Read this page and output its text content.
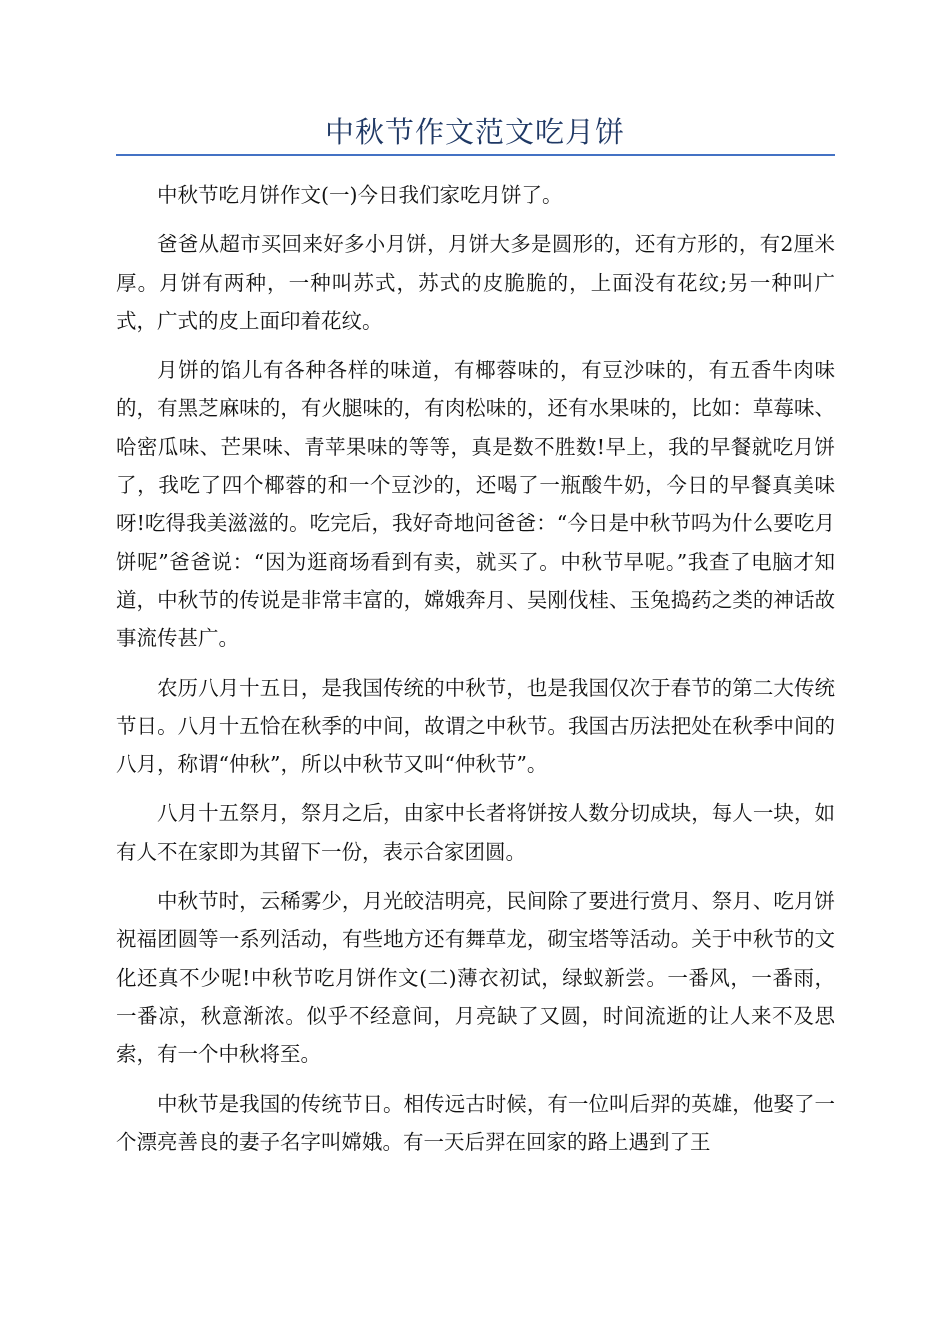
中秋节作文范文吃月饼

中秋节吃月饼作文(一)今日我们家吃月饼了。

爸爸从超市买回来好多小月饼，月饼大多是圆形的，还有方形的，有2厘米厚。月饼有两种，一种叫苏式，苏式的皮脆脆的，上面没有花纹;另一种叫广式，广式的皮上面印着花纹。

月饼的馅儿有各种各样的味道，有椰蓉味的，有豆沙味的，有五香牛肉味的，有黑芝麻味的，有火腿味的，有肉松味的，还有水果味的，比如：草莓味、哈密瓜味、芒果味、青苹果味的等等，真是数不胜数!早上，我的早餐就吃月饼了，我吃了四个椰蓉的和一个豆沙的，还喝了一瓶酸牛奶，今日的早餐真美味呀!吃得我美滋滋的。吃完后，我好奇地问爸爸：“今日是中秋节吗为什么要吃月饼呢”爸爸说：“因为逛商场看到有卖，就买了。中秋节早呢。”我查了电脑才知道，中秋节的传说是非常丰富的，嫦娥奔月、吴刚伐桂、玉兔捣药之类的神话故事流传甚广。

农历八月十五日，是我国传统的中秋节，也是我国仅次于春节的第二大传统节日。八月十五恰在秋季的中间，故谓之中秋节。我国古历法把处在秋季中间的八月，称谓“仲秋”，所以中秋节又叫“仲秋节”。

八月十五祭月，祭月之后，由家中长者将饼按人数分切成块，每人一块，如有人不在家即为其留下一份，表示合家团圆。

中秋节时，云稀雾少，月光皎洁明亮，民间除了要进行赏月、祭月、吃月饼祝福团圆等一系列活动，有些地方还有舞草龙，砌宝塔等活动。关于中秋节的文化还真不少呢!中秋节吃月饼作文(二)薄衣初试，绿蚁新尝。一番风，一番雨，一番凉，秋意渐浓。似乎不经意间，月亮缺了又圆，时间流逝的让人来不及思索，有一个中秋将至。

中秋节是我国的传统节日。相传远古时候，有一位叫后羿的英雄，他娶了一个漂亮善良的妻子名字叫嫦娥。有一天后羿在回家的路上遇到了王
